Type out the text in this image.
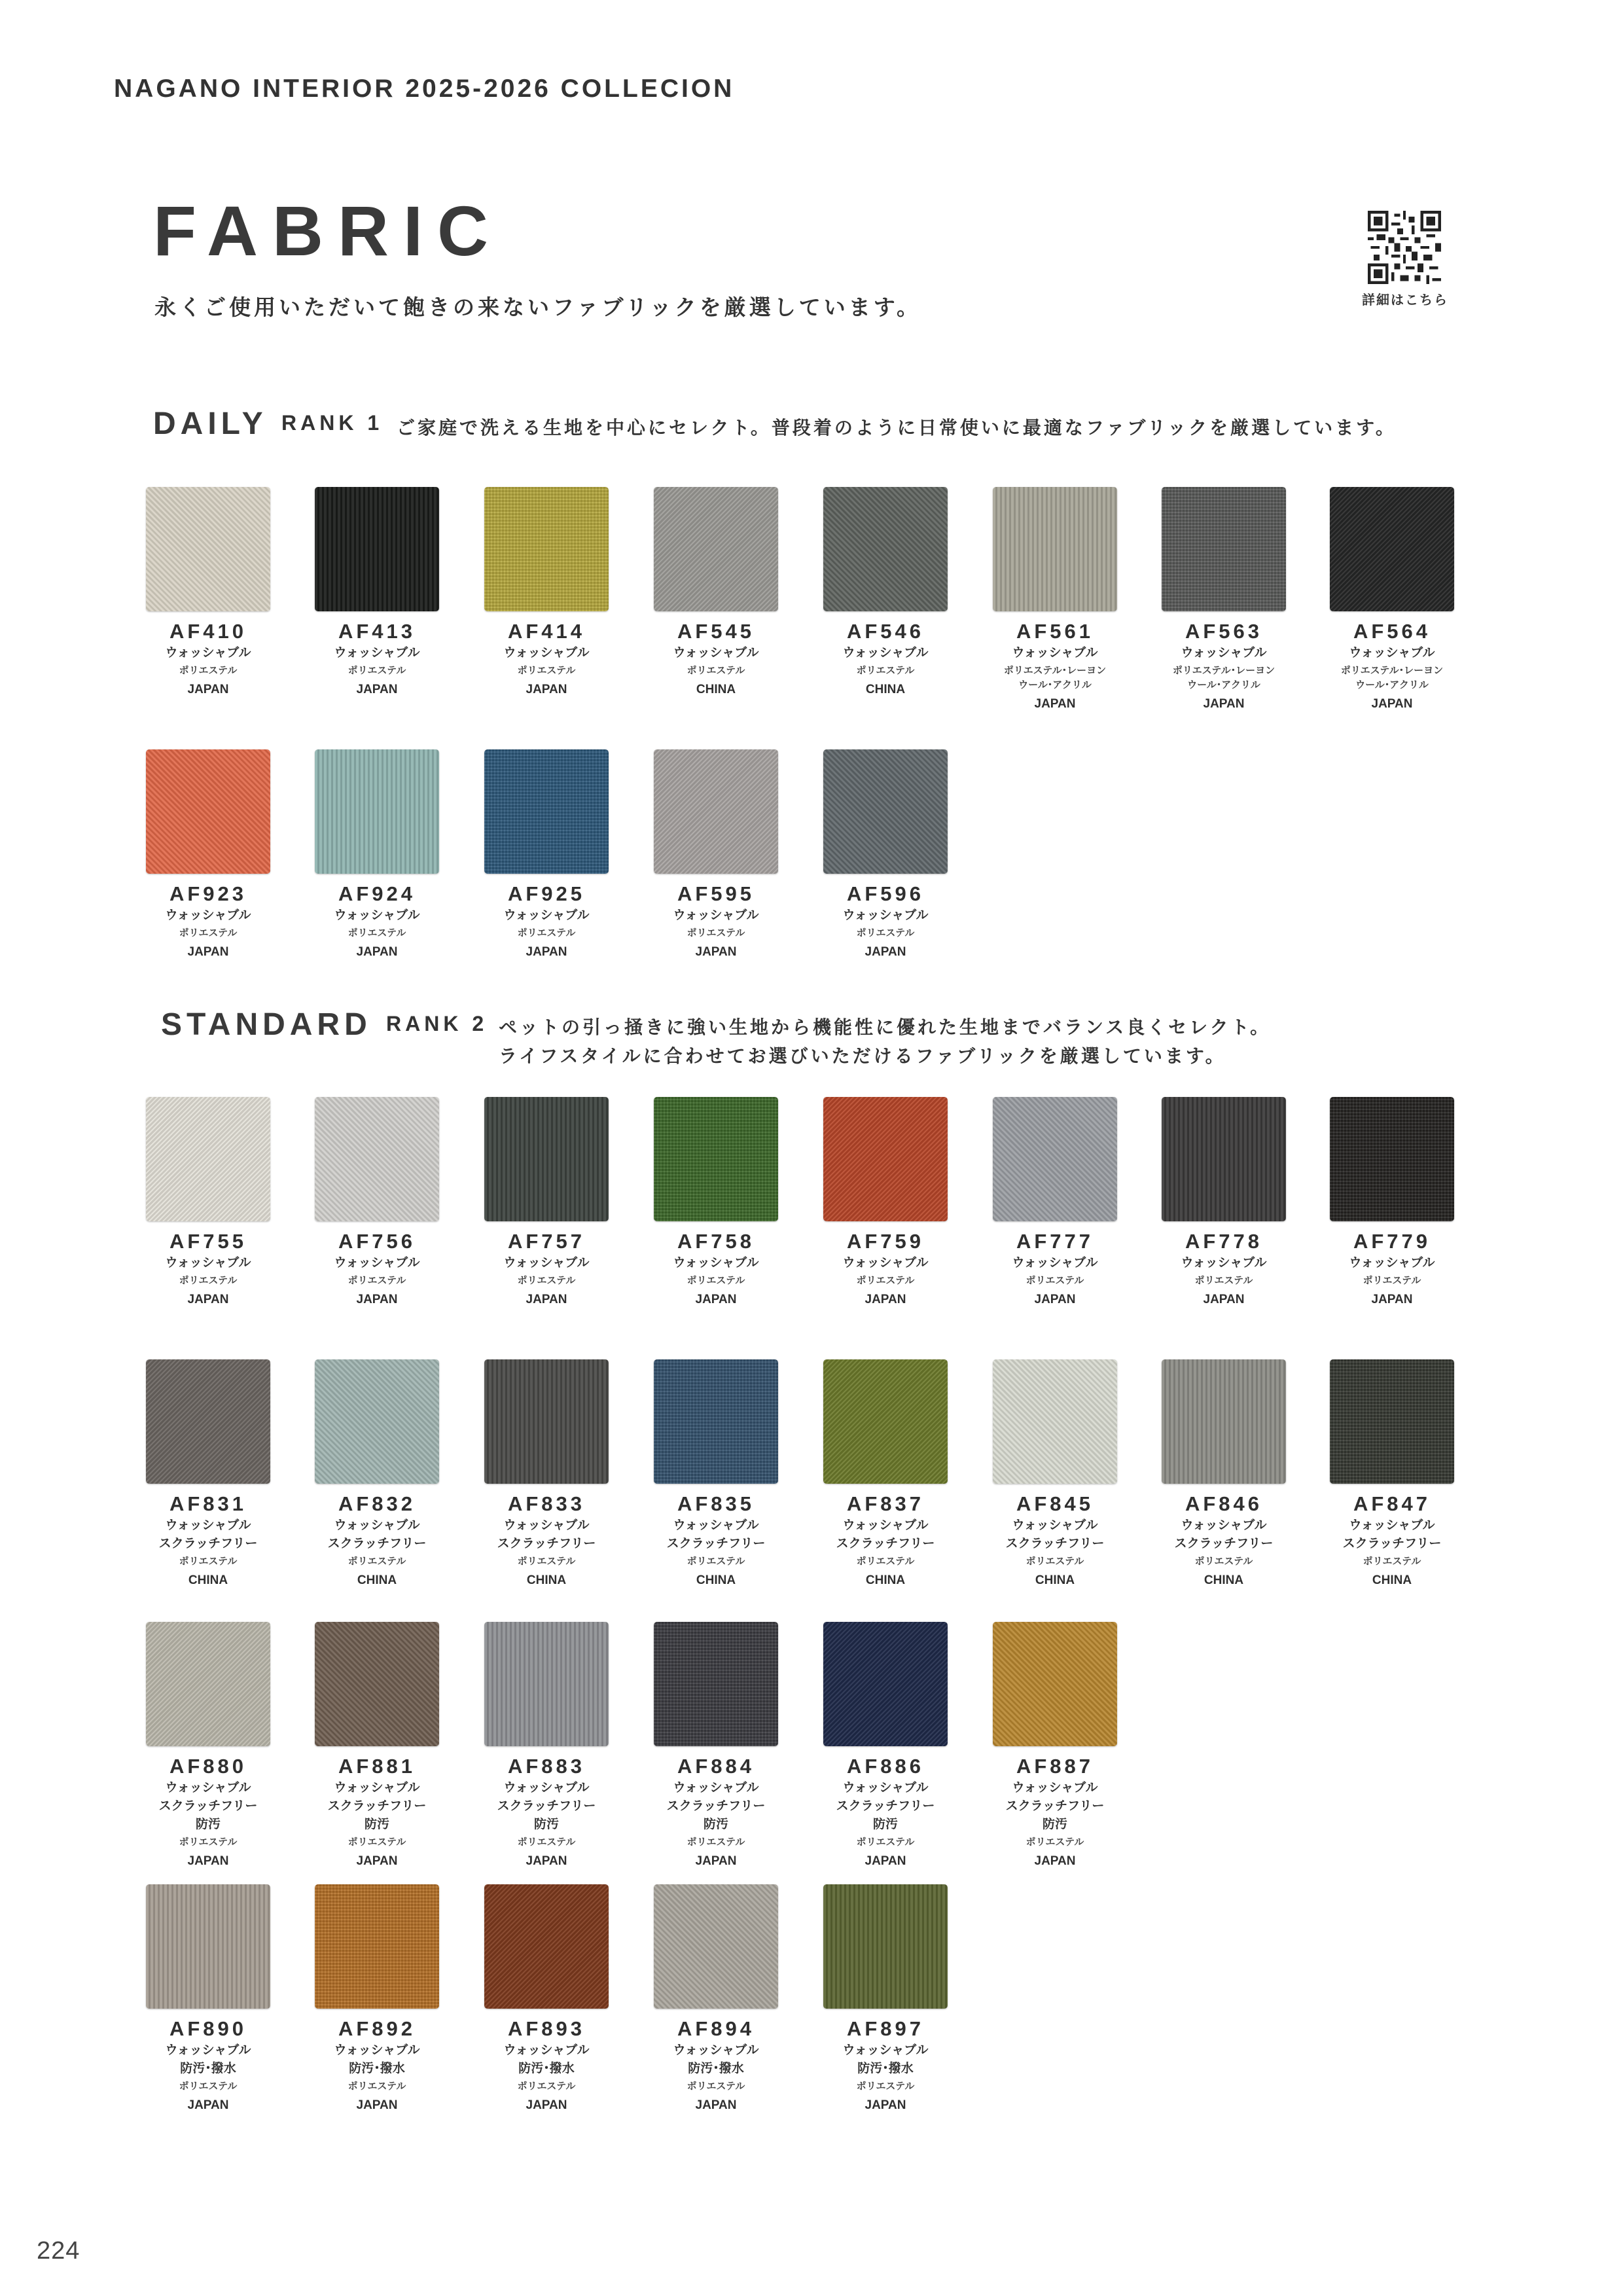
NAGANO INTERIOR 2025-2026 COLLECION
FABRIC
永くご使用いただいて飽きの来ないファブリックを厳選しています。	詳細はこちら
DAILY RANK 1 ご家庭で洗える生地を中心にセレクト。普段着のように日常使いに最適なファブリックを厳選しています。
STANDARD RANK 2 ペットの引っ掻きに強い生地から機能性に優れた生地までバランス良くセレクト。
ライフスタイルに合わせてお選びいただけるファブリックを厳選しています。
AF410
ウォッシャブル
ポリエステル
JAPAN
AF413
ウォッシャブル
ポリエステル
JAPAN
AF414
ウォッシャブル
ポリエステル
JAPAN
AF545
ウォッシャブル
ポリエステル
CHINA
AF546
ウォッシャブル
ポリエステル
CHINA
AF561
ウォッシャブル
ポリエステル･レーヨン
ウール･アクリル
JAPAN
AF563
ウォッシャブル
ポリエステル･レーヨン
ウール･アクリル
JAPAN
AF564
ウォッシャブル
ポリエステル･レーヨン
ウール･アクリル
JAPAN
AF923
ウォッシャブル
ポリエステル
JAPAN
AF924
ウォッシャブル
ポリエステル
JAPAN
AF925
ウォッシャブル
ポリエステル
JAPAN
AF595
ウォッシャブル
ポリエステル
JAPAN
AF596
ウォッシャブル
ポリエステル
JAPAN
AF755
ウォッシャブル
ポリエステル
JAPAN
AF756
ウォッシャブル
ポリエステル
JAPAN
AF757
ウォッシャブル
ポリエステル
JAPAN
AF758
ウォッシャブル
ポリエステル
JAPAN
AF759
ウォッシャブル
ポリエステル
JAPAN
AF777
ウォッシャブル
ポリエステル
JAPAN
AF778
ウォッシャブル
ポリエステル
JAPAN
AF779
ウォッシャブル
ポリエステル
JAPAN
AF831
ウォッシャブル
スクラッチフリー
ポリエステル
CHINA
AF832
ウォッシャブル
スクラッチフリー
ポリエステル
CHINA
AF833
ウォッシャブル
スクラッチフリー
ポリエステル
CHINA
AF835
ウォッシャブル
スクラッチフリー
ポリエステル
CHINA
AF837
ウォッシャブル
スクラッチフリー
ポリエステル
CHINA
AF845
ウォッシャブル
スクラッチフリー
ポリエステル
CHINA
AF846
ウォッシャブル
スクラッチフリー
ポリエステル
CHINA
AF847
ウォッシャブル
スクラッチフリー
ポリエステル
CHINA
AF880
ウォッシャブル
スクラッチフリー
防汚
ポリエステル
JAPAN
AF881
ウォッシャブル
スクラッチフリー
防汚
ポリエステル
JAPAN
AF883
ウォッシャブル
スクラッチフリー
防汚
ポリエステル
JAPAN
AF884
ウォッシャブル
スクラッチフリー
防汚
ポリエステル
JAPAN
AF886
ウォッシャブル
スクラッチフリー
防汚
ポリエステル
JAPAN
AF887
ウォッシャブル
スクラッチフリー
防汚
ポリエステル
JAPAN
AF890
ウォッシャブル
防汚･撥水
ポリエステル
JAPAN
AF892
ウォッシャブル
防汚･撥水
ポリエステル
JAPAN
AF893
ウォッシャブル
防汚･撥水
ポリエステル
JAPAN
AF894
ウォッシャブル
防汚･撥水
ポリエステル
JAPAN
AF897
ウォッシャブル
防汚･撥水
ポリエステル
JAPAN
224
